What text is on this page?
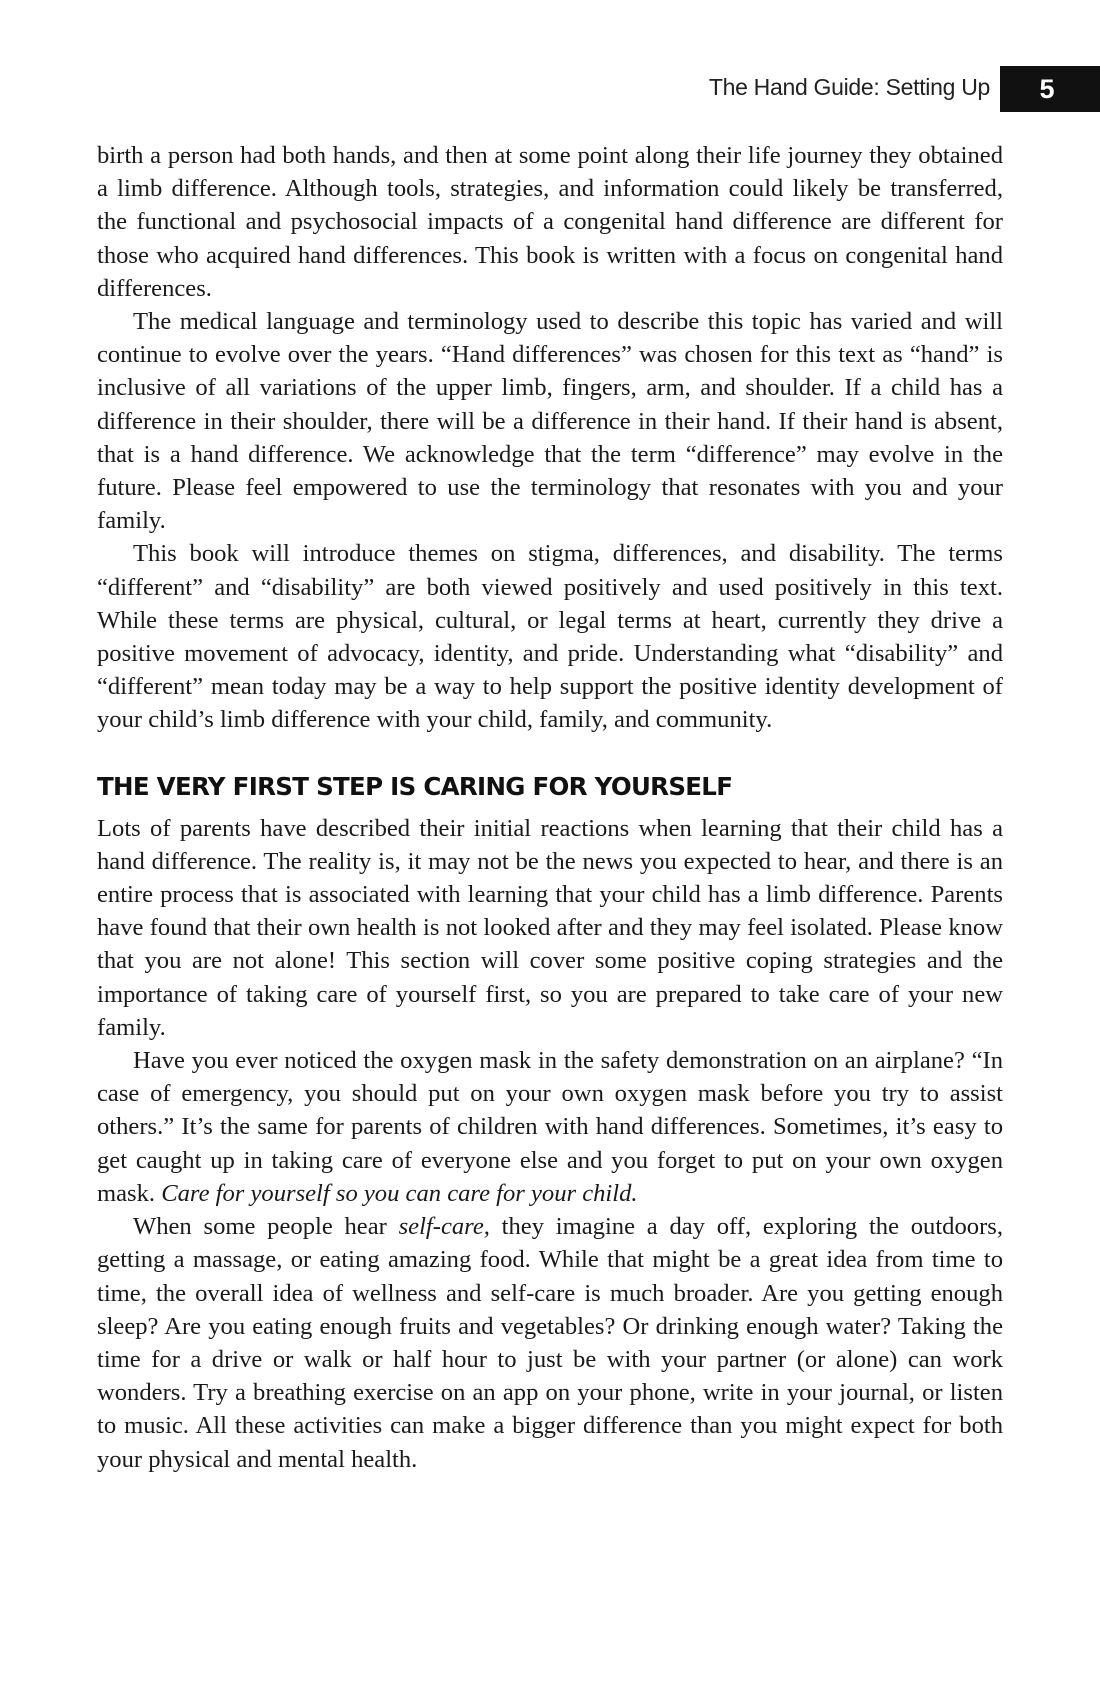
The Hand Guide: Setting Up	5

birth a person had both hands, and then at some point along their life journey they obtained a limb difference. Although tools, strategies, and information could likely be transferred, the functional and psychosocial impacts of a congenital hand difference are different for those who acquired hand differences. This book is written with a focus on congenital hand differences.

The medical language and terminology used to describe this topic has varied and will continue to evolve over the years. “Hand differences” was chosen for this text as “hand” is inclusive of all variations of the upper limb, fingers, arm, and shoulder. If a child has a difference in their shoulder, there will be a difference in their hand. If their hand is absent, that is a hand difference. We acknowledge that the term “difference” may evolve in the future. Please feel empowered to use the terminology that resonates with you and your family.

This book will introduce themes on stigma, differences, and disability. The terms “different” and “disability” are both viewed positively and used positively in this text. While these terms are physical, cultural, or legal terms at heart, currently they drive a positive movement of advocacy, identity, and pride. Understanding what “disability” and “different” mean today may be a way to help support the positive identity development of your child’s limb difference with your child, family, and community.

THE VERY FIRST STEP IS CARING FOR YOURSELF

Lots of parents have described their initial reactions when learning that their child has a hand difference. The reality is, it may not be the news you expected to hear, and there is an entire process that is associated with learning that your child has a limb difference. Parents have found that their own health is not looked after and they may feel isolated. Please know that you are not alone! This section will cover some positive coping strategies and the importance of taking care of yourself first, so you are prepared to take care of your new family.

Have you ever noticed the oxygen mask in the safety demonstration on an airplane? “In case of emergency, you should put on your own oxygen mask before you try to assist others.” It’s the same for parents of children with hand differences. Sometimes, it’s easy to get caught up in taking care of everyone else and you forget to put on your own oxygen mask. Care for yourself so you can care for your child.

When some people hear self-care, they imagine a day off, exploring the outdoors, getting a massage, or eating amazing food. While that might be a great idea from time to time, the overall idea of wellness and self-care is much broader. Are you getting enough sleep? Are you eating enough fruits and vegetables? Or drinking enough water? Taking the time for a drive or walk or half hour to just be with your partner (or alone) can work wonders. Try a breathing exercise on an app on your phone, write in your journal, or listen to music. All these activities can make a bigger difference than you might expect for both your physical and mental health.
